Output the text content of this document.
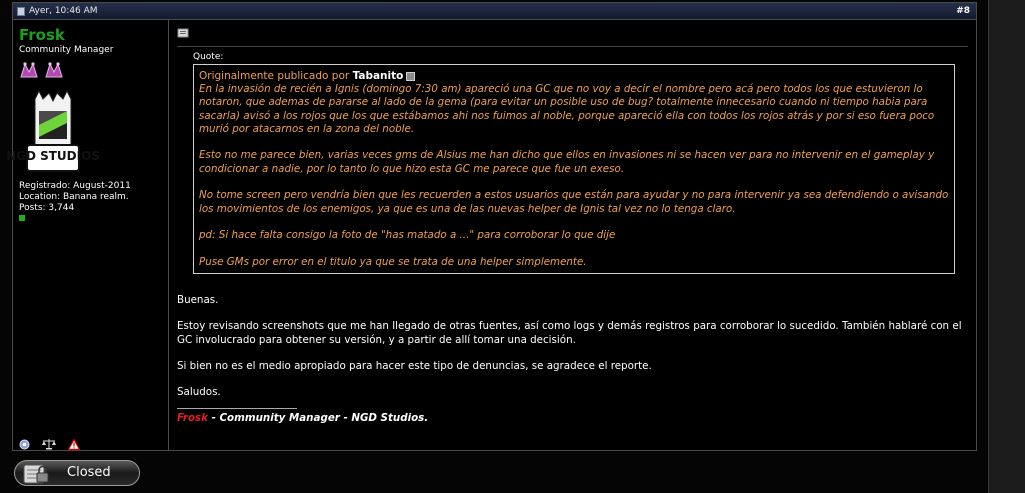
Ayer, 10:46 AM	#8
Frosk
Community Manager

NGD STUDIOS
Registrado: August-2011
Location: Banana realm.
Posts: 3,744

Quote:
Originalmente publicado por Tabanito

En la invasión de recién a Ignis (domingo 7:30 am) apareció una GC que no voy a decir el nombre pero acá pero todos los que estuvieron lo notaron, que ademas de pararse al lado de la gema (para evitar un posible uso de bug? totalmente innecesario cuando ni tiempo habia para sacarla) avisó a los rojos que los que estábamos ahi nos fuimos al noble, porque apareció ella con todos los rojos atrás y por si eso fuera poco murió por atacarnos en la zona del noble.

Esto no me parece bien, varias veces gms de Alsius me han dicho que ellos en invasiones ni se hacen ver para no intervenir en el gameplay y condicionar a nadie, por lo tanto lo que hizo esta GC me parece que fue un exeso.

No tome screen pero vendría bien que les recuerden a estos usuarios que están para ayudar y no para intervenir ya sea defendiendo o avisando los movimientos de los enemigos, ya que es una de las nuevas helper de Ignis tal vez no lo tenga claro.

pd: Si hace falta consigo la foto de "has matado a ..." para corroborar lo que dije

Puse GMs por error en el titulo ya que se trata de una helper simplemente.

Buenas.

Estoy revisando screenshots que me han llegado de otras fuentes, así como logs y demás registros para corroborar lo sucedido. También hablaré con el GC involucrado para obtener su versión, y a partir de allí tomar una decisión.

Si bien no es el medio apropiado para hacer este tipo de denuncias, se agradece el reporte.

Saludos.

Frosk - Community Manager - NGD Studios.
Closed
